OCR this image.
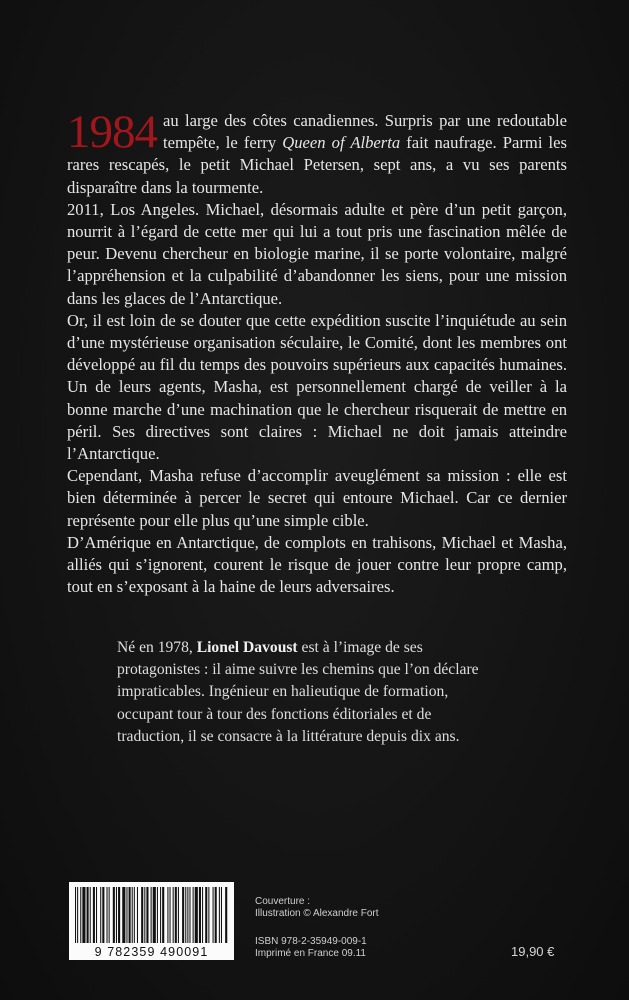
1984 au large des côtes canadiennes. Surpris par une redoutable tempête, le ferry Queen of Alberta fait naufrage. Parmi les rares rescapés, le petit Michael Petersen, sept ans, a vu ses parents disparaître dans la tourmente.

2011, Los Angeles. Michael, désormais adulte et père d’un petit garçon, nourrit à l’égard de cette mer qui lui a tout pris une fascination mêlée de peur. Devenu chercheur en biologie marine, il se porte volontaire, malgré l’appréhension et la culpabilité d’abandonner les siens, pour une mission dans les glaces de l’Antarctique.

Or, il est loin de se douter que cette expédition suscite l’inquiétude au sein d’une mystérieuse organisation séculaire, le Comité, dont les membres ont développé au fil du temps des pouvoirs supérieurs aux capacités humaines. Un de leurs agents, Masha, est personnellement chargé de veiller à la bonne marche d’une machination que le chercheur risquerait de mettre en péril. Ses directives sont claires : Michael ne doit jamais atteindre l’Antarctique.

Cependant, Masha refuse d’accomplir aveuglément sa mission : elle est bien déterminée à percer le secret qui entoure Michael. Car ce dernier représente pour elle plus qu’une simple cible.

D’Amérique en Antarctique, de complots en trahisons, Michael et Masha, alliés qui s’ignorent, courent le risque de jouer contre leur propre camp, tout en s’exposant à la haine de leurs adversaires.

Né en 1978, Lionel Davoust est à l’image de ses protagonistes : il aime suivre les chemins que l’on déclare impraticables. Ingénieur en halieutique de formation, occupant tour à tour des fonctions éditoriales et de traduction, il se consacre à la littérature depuis dix ans.
9 782359 490091
Couverture :
Illustration © Alexandre Fort
ISBN 978-2-35949-009-1
Imprimé en France 09.11	19,90 €
